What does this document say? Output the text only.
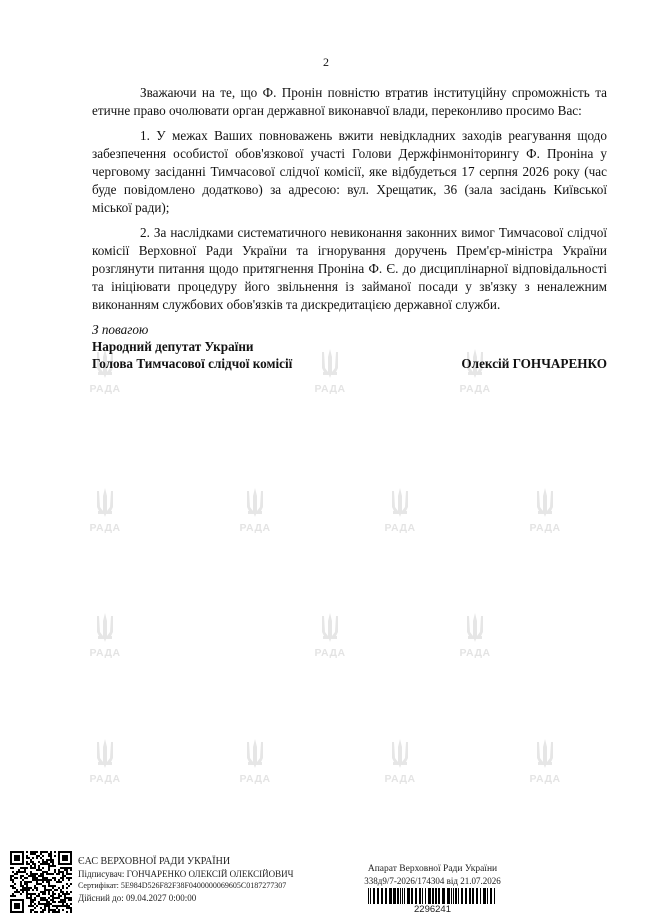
РАДА	РАДА	РАДА
РАДА	РАДА	РАДА	РАДА
РАДА	РАДА	РАДА
РАДА	РАДА	РАДА	РАДА
2

Зважаючи на те, що Ф. Пронін повністю втратив інституційну спроможність та етичне право очолювати орган державної виконавчої влади, переконливо просимо Вас:

1. У межах Ваших повноважень вжити невідкладних заходів реагування щодо забезпечення особистої обов'язкової участі Голови Держфінмоніторингу Ф. Проніна у черговому засіданні Тимчасової слідчої комісії, яке відбудеться 17 серпня 2026 року (час буде повідомлено додатково) за адресою: вул. Хрещатик, 36 (зала засідань Київської міської ради);

2. За наслідками систематичного невиконання законних вимог Тимчасової слідчої комісії Верховної Ради України та ігнорування доручень Прем'єр-міністра України розглянути питання щодо притягнення Проніна Ф. Є. до дисциплінарної відповідальності та ініціювати процедуру його звільнення із займаної посади у зв'язку з неналежним виконанням службових обов'язків та дискредитацією державної служби.

З повагою
Народний депутат України
Голова Тимчасової слідчої комісії	Олексій ГОНЧАРЕНКО
ЄАС ВЕРХОВНОЇ РАДИ УКРАЇНИ
Підписувач: ГОНЧАРЕНКО ОЛЕКСІЙ ОЛЕКСІЙОВИЧ
Сертифікат: 5E984D526F82F38F0400000069605C0187277307
Дійсний до: 09.04.2027 0:00:00
Апарат Верховної Ради України
338д9/7-2026/174304 від 21.07.2026
2296241
